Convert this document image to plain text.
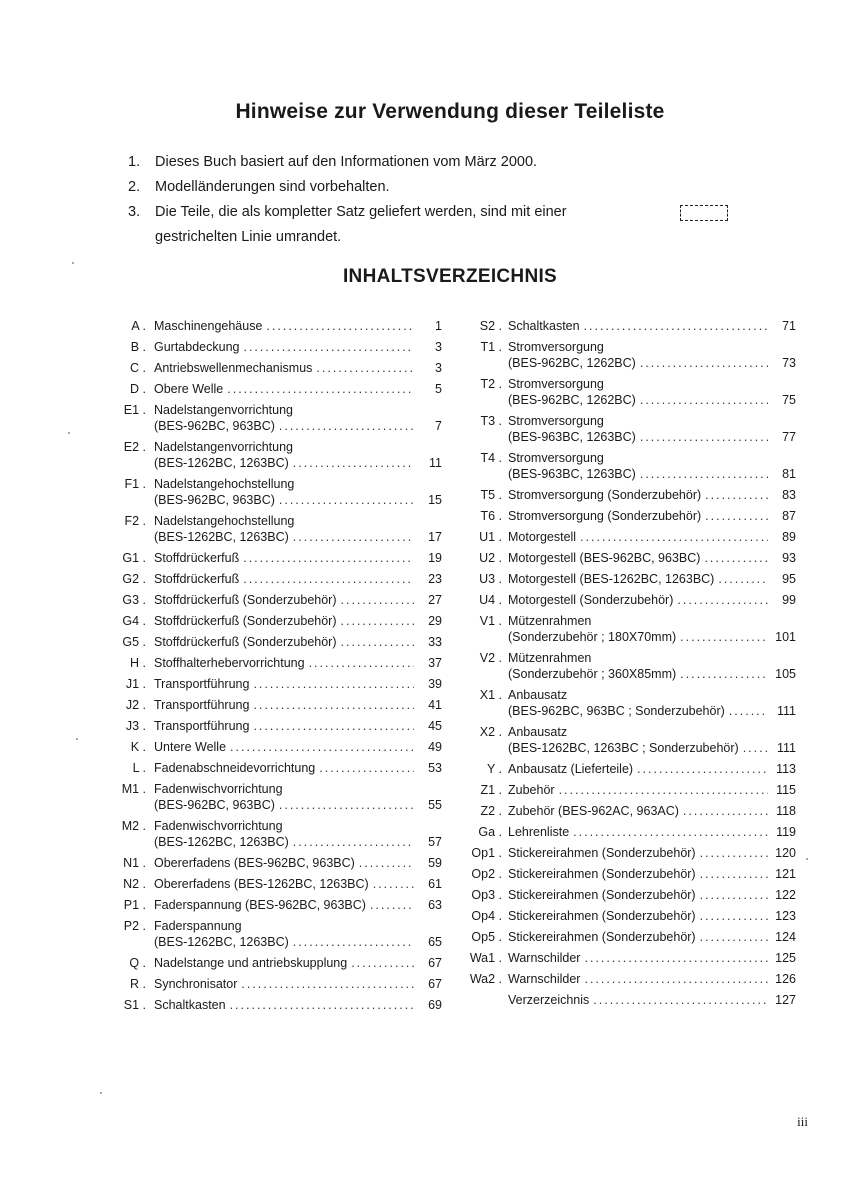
Hinweise zur Verwendung dieser Teileliste
1. Dieses Buch basiert auf den Informationen vom März 2000.
2. Modelländerungen sind vorbehalten.
3. Die Teile, die als kompletter Satz geliefert werden, sind mit einer
gestrichelten Linie umrandet.
INHALTSVERZEICHNIS
A . Maschinengehäuse .....	1
B . Gurtabdeckung .....	3
C . Antriebswellenmechanismus .....	3
D . Obere Welle .....	5
E1 . Nadelstangenvorrichtung
(BES-962BC, 963BC) .....	7
E2 . Nadelstangenvorrichtung
(BES-1262BC, 1263BC) .....	11
F1 . Nadelstangehochstellung
(BES-962BC, 963BC) .....	15
F2 . Nadelstangehochstellung
(BES-1262BC, 1263BC) .....	17
G1 . Stoffdrückerfuß .....	19
G2 . Stoffdrückerfuß .....	23
G3 . Stoffdrückerfuß (Sonderzubehör) .....	27
G4 . Stoffdrückerfuß (Sonderzubehör) .....	29
G5 . Stoffdrückerfuß (Sonderzubehör) .....	33
H . Stoffhalterhebervorrichtung .....	37
J1 . Transportführung .....	39
J2 . Transportführung .....	41
J3 . Transportführung .....	45
K . Untere Welle .....	49
L . Fadenabschneidevorrichtung .....	53
M1 . Fadenwischvorrichtung
(BES-962BC, 963BC) .....	55
M2 . Fadenwischvorrichtung
(BES-1262BC, 1263BC) .....	57
N1 . Obererfadens (BES-962BC, 963BC) .....	59
N2 . Obererfadens (BES-1262BC, 1263BC) .....	61
P1 . Faderspannung (BES-962BC, 963BC) .....	63
P2 . Faderspannung
(BES-1262BC, 1263BC) .....	65
Q . Nadelstange und antriebskupplung .....	67
R . Synchronisator .....	67
S1 . Schaltkasten .....	69
S2 . Schaltkasten .....	71
T1 . Stromversorgung
(BES-962BC, 1262BC) .....	73
T2 . Stromversorgung
(BES-962BC, 1262BC) .....	75
T3 . Stromversorgung
(BES-963BC, 1263BC) .....	77
T4 . Stromversorgung
(BES-963BC, 1263BC) .....	81
T5 . Stromversorgung (Sonderzubehör) .....	83
T6 . Stromversorgung (Sonderzubehör) .....	87
U1 . Motorgestell .....	89
U2 . Motorgestell (BES-962BC, 963BC) .....	93
U3 . Motorgestell (BES-1262BC, 1263BC) .....	95
U4 . Motorgestell (Sonderzubehör) .....	99
V1 . Mützenrahmen
(Sonderzubehör ; 180X70mm) .....	101
V2 . Mützenrahmen
(Sonderzubehör ; 360X85mm) .....	105
X1 . Anbausatz
(BES-962BC, 963BC ; Sonderzubehör) .....	111
X2 . Anbausatz
(BES-1262BC, 1263BC ; Sonderzubehör) .....	111
Y . Anbausatz (Lieferteile) .....	113
Z1 . Zubehör .....	115
Z2 . Zubehör (BES-962AC, 963AC) .....	118
Ga . Lehrenliste .....	119
Op1 . Stickereirahmen (Sonderzubehör) .....	120
Op2 . Stickereirahmen (Sonderzubehör) .....	121
Op3 . Stickereirahmen (Sonderzubehör) .....	122
Op4 . Stickereirahmen (Sonderzubehör) .....	123
Op5 . Stickereirahmen (Sonderzubehör) .....	124
Wa1 . Warnschilder .....	125
Wa2 . Warnschilder .....	126
Verzerzeichnis .....	127
iii
